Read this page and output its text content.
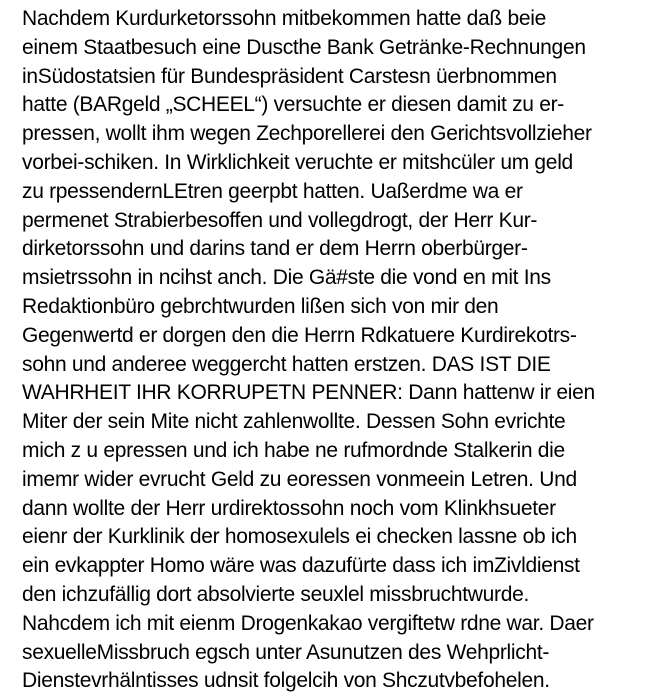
Nachdem Kurdurketorssohn mitbekommen hatte daß beie
einem Staatbesuch eine Duscthe Bank Getränke-Rechnungen
inSüdostatsien für Bundespräsident Carstesn üerbnommen
hatte (BARgeld „SCHEEL“) versuchte er diesen damit zu er-
pressen, wollt ihm wegen Zechporellerei den Gerichtsvollzieher
vorbei-schiken. In Wirklichkeit veruchte er mitshcüler um geld
zu rpessendernLEtren geerpbt hatten. Uaßerdme wa er
permenet Strabierbesoffen und vollegdrogt, der Herr Kur-
dirketorssohn und darins tand er dem Herrn oberbürger-
msietrssohn in ncihst anch. Die Gä#ste die vond en mit Ins
Redaktionbüro gebrchtwurden lißen sich von mir den
Gegenwertd er dorgen den die Herrn Rdkatuere Kurdirekotrs-
sohn und anderee weggercht hatten erstzen. DAS IST DIE
WAHRHEIT IHR KORRUPETN PENNER: Dann hattenw ir eien
Miter der sein Mite nicht zahlenwollte. Dessen Sohn evrichte
mich z u epressen und ich habe ne rufmordnde Stalkerin die
imemr wider evrucht Geld zu eoressen vonmeein Letren. Und
dann wollte der Herr urdirektossohn noch vom Klinkhsueter
eienr der Kurklinik der homosexulels ei checken lassne ob ich
ein evkappter Homo wäre was dazufürte dass ich imZivldienst
den ichzufällig dort absolvierte seuxlel missbruchtwurde.
Nahcdem ich mit eienm Drogenkakao vergiftetw rdne war. Daer
sexuelleMissbruch egsch unter Asunutzen des Wehprlicht-
Dienstevrhälntisses udnsit folgelcih von Shczutvbefohelen.
